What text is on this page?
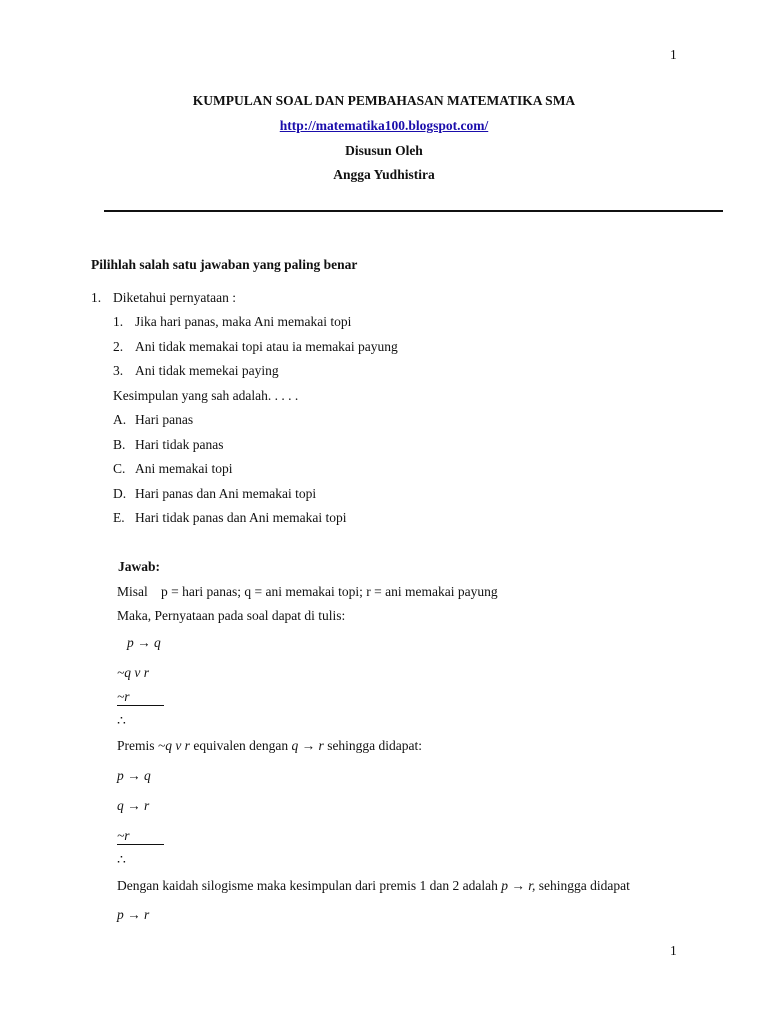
1
KUMPULAN SOAL DAN PEMBAHASAN MATEMATIKA SMA
http://matematika100.blogspot.com/
Disusun Oleh
Angga Yudhistira
Pilihlah salah satu jawaban yang paling benar
1. Diketahui pernyataan :
1. Jika hari panas, maka Ani memakai topi
2. Ani tidak memakai topi atau ia memakai payung
3. Ani tidak memekai paying
Kesimpulan yang sah adalah. . . . .
A. Hari panas
B. Hari tidak panas
C. Ani memakai topi
D. Hari panas dan Ani memakai topi
E. Hari tidak panas dan Ani memakai topi
Jawab:
Misal p = hari panas; q = ani memakai topi; r = ani memakai payung
Maka, Pernyataan pada soal dapat di tulis:
p → q
~q v r
~r
∴
Premis ~q v r equivalen dengan q → r sehingga didapat:
p → q
q → r
~r
∴
Dengan kaidah silogisme maka kesimpulan dari premis 1 dan 2 adalah p → r, sehingga didapat
p → r
1
